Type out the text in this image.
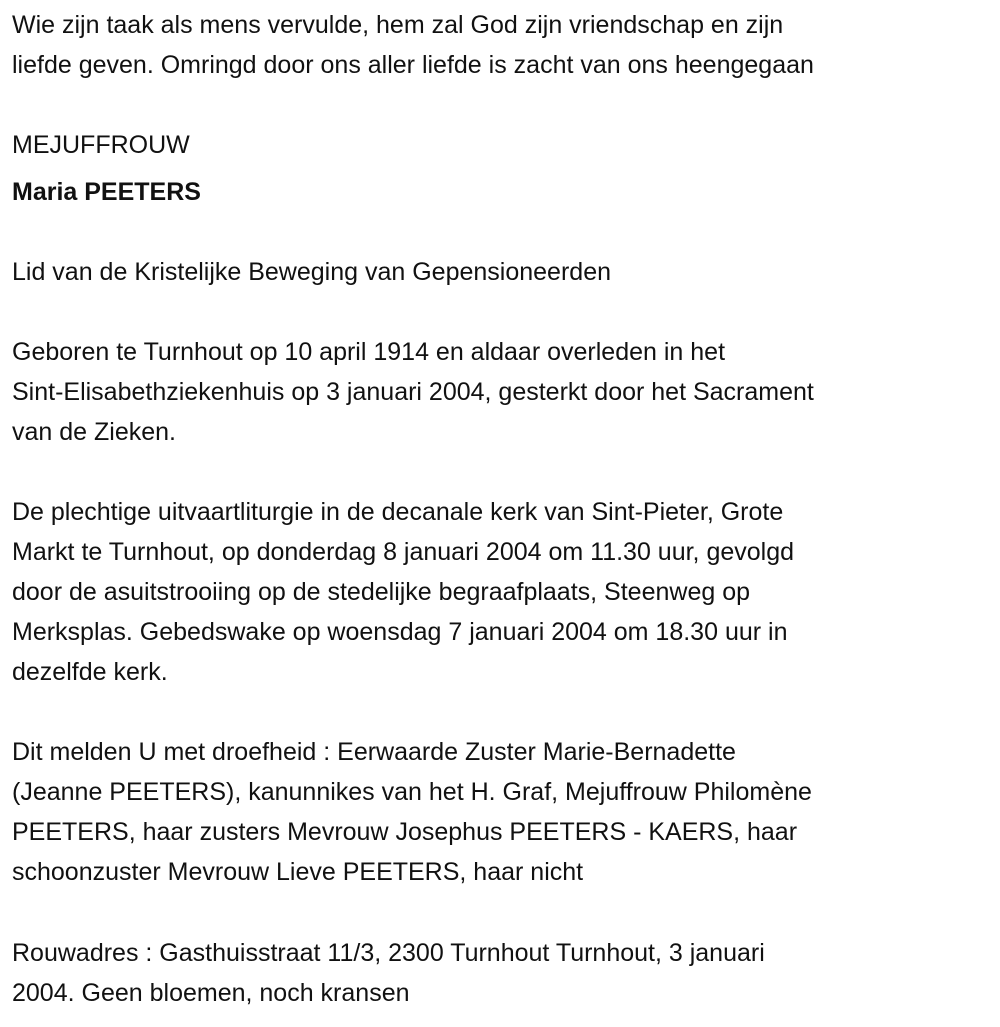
Wie zijn taak als mens vervulde, hem zal God zijn vriendschap en zijn
liefde geven. Omringd door ons aller liefde is zacht van ons heengegaan
MEJUFFROUW
Maria PEETERS
Lid van de Kristelijke Beweging van Gepensioneerden
Geboren te Turnhout op 10 april 1914 en aldaar overleden in het
Sint-Elisabethziekenhuis op 3 januari 2004, gesterkt door het Sacrament
van de Zieken.
De plechtige uitvaartliturgie in de decanale kerk van Sint-Pieter, Grote
Markt te Turnhout, op donderdag 8 januari 2004 om 11.30 uur, gevolgd
door de asuitstrooiing op de stedelijke begraafplaats, Steenweg op
Merksplas. Gebedswake op woensdag 7 januari 2004 om 18.30 uur in
dezelfde kerk.
Dit melden U met droefheid : Eerwaarde Zuster Marie-Bernadette
(Jeanne PEETERS), kanunnikes van het H. Graf, Mejuffrouw Philomène
PEETERS, haar zusters Mevrouw Josephus PEETERS - KAERS, haar
schoonzuster Mevrouw Lieve PEETERS, haar nicht
Rouwadres : Gasthuisstraat 11/3, 2300 Turnhout Turnhout, 3 januari
2004. Geen bloemen, noch kransen
